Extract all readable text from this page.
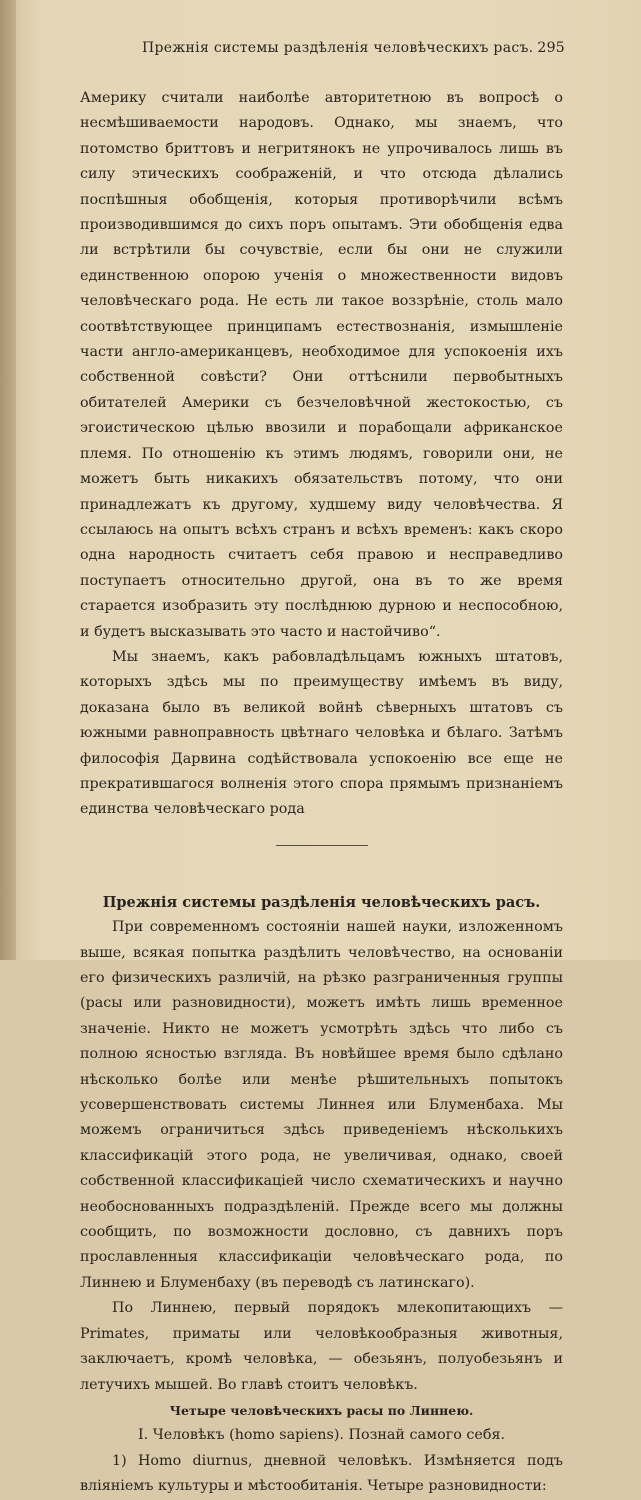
Прежнія системы раздѣленія человѣческихъ расъ. 295

Америку считали наиболѣе авторитетною въ вопросѣ о несмѣшиваемости народовъ. Однако, мы знаемъ, что потомство бриттовъ и негритянокъ не упрочивалось лишь въ силу этическихъ соображеній, и что отсюда дѣлались поспѣшныя обобщенія, которыя противорѣчили всѣмъ производившимся до сихъ поръ опытамъ. Эти обобщенія едва ли встрѣтили бы сочувствіе, если бы они не служили единственною опорою ученія о множественности видовъ человѣческаго рода. Не есть ли такое воззрѣніе, столь мало соотвѣтствующее принципамъ естествознанія, измышленіе части англо-американцевъ, необходимое для успокоенія ихъ собственной совѣсти? Они оттѣснили первобытныхъ обитателей Америки съ безчеловѣчной жестокостью, съ эгоистическою цѣлью ввозили и порабощали африканское племя. По отношенію къ этимъ людямъ, говорили они, не можетъ быть никакихъ обязательствъ потому, что они принадлежатъ къ другому, худшему виду человѣчества. Я ссылаюсь на опытъ всѣхъ странъ и всѣхъ временъ: какъ скоро одна народность считаетъ себя правою и несправедливо поступаетъ относительно другой, она въ то же время старается изобразить эту послѣднюю дурною и неспособною, и будетъ высказывать это часто и настойчиво“.

Мы знаемъ, какъ рабовладѣльцамъ южныхъ штатовъ, которыхъ здѣсь мы по преимуществу имѣемъ въ виду, доказана было въ великой войнѣ сѣверныхъ штатовъ съ южными равноправность цвѣтнаго человѣка и бѣлаго. Затѣмъ философія Дарвина содѣйствовала успокоенію все еще не прекратившагося волненія этого спора прямымъ признаніемъ единства человѣческаго рода

Прежнія системы раздѣленія человѣческихъ расъ.

При современномъ состояніи нашей науки, изложенномъ выше, всякая попытка раздѣлить человѣчество, на основаніи его физическихъ различій, на рѣзко разграниченныя группы (расы или разновидности), можетъ имѣть лишь временное значеніе. Никто не можетъ усмотрѣть здѣсь что либо съ полною ясностью взгляда. Въ новѣйшее время было сдѣлано нѣсколько болѣе или менѣе рѣшительныхъ попытокъ усовершенствовать системы Линнея или Блуменбаха. Мы можемъ ограничиться здѣсь приведеніемъ нѣсколькихъ классификацій этого рода, не увеличивая, однако, своей собственной классификаціей число схематическихъ и научно необоснованныхъ подраздѣленій. Прежде всего мы должны сообщить, по возможности дословно, съ давнихъ поръ прославленныя классификаціи человѣческаго рода, по Линнею и Блуменбаху (въ переводѣ съ латинскаго).

По Линнею, первый порядокъ млекопитающихъ — Primates, приматы или человѣкообразныя животныя, заключаетъ, кромѣ человѣка, — обезьянъ, полуобезьянъ и летучихъ мышей. Во главѣ стоитъ человѣкъ.

Четыре человѣческихъ расы по Линнею.

I. Человѣкъ (homo sapiens). Познай самого себя.

1) Homo diurnus, дневной человѣкъ. Измѣняется подъ вліяніемъ культуры и мѣстообитанія. Четыре разновидности:
